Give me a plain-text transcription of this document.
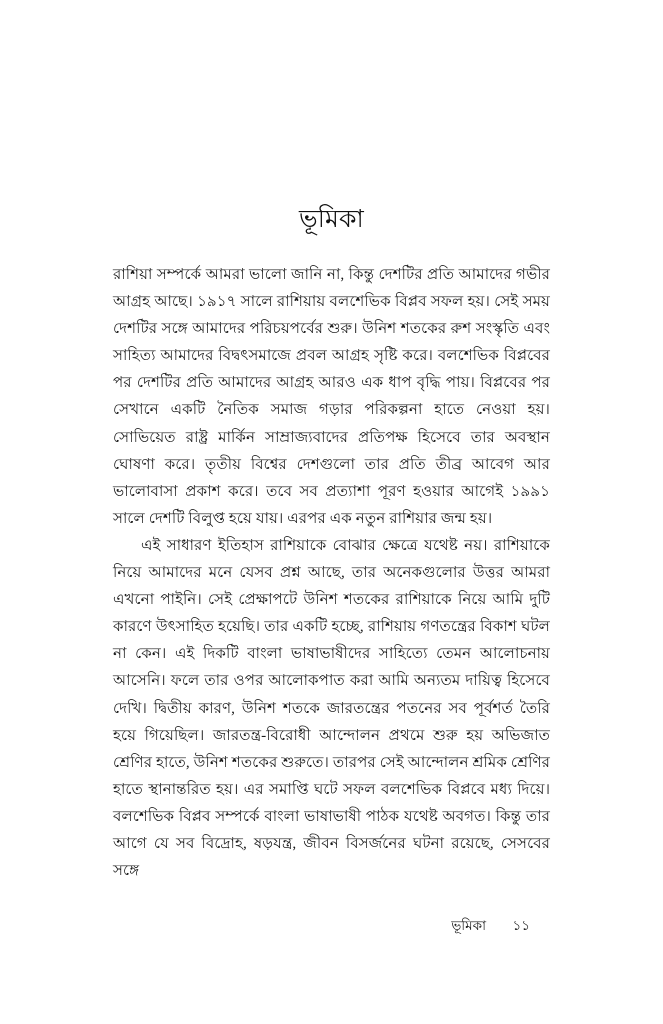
ভূমিকা

রাশিয়া সম্পর্কে আমরা ভালো জানি না, কিন্তু দেশটির প্রতি আমাদের গভীর আগ্রহ আছে। ১৯১৭ সালে রাশিয়ায় বলশেভিক বিপ্লব সফল হয়। সেই সময় দেশটির সঙ্গে আমাদের পরিচয়পর্বের শুরু। উনিশ শতকের রুশ সংস্কৃতি এবং সাহিত্য আমাদের বিদ্বৎসমাজে প্রবল আগ্রহ সৃষ্টি করে। বলশেভিক বিপ্লবের পর দেশটির প্রতি আমাদের আগ্রহ আরও এক ধাপ বৃদ্ধি পায়। বিপ্লবের পর সেখানে একটি নৈতিক সমাজ গড়ার পরিকল্পনা হাতে নেওয়া হয়। সোভিয়েত রাষ্ট্র মার্কিন সাম্রাজ্যবাদের প্রতিপক্ষ হিসেবে তার অবস্থান ঘোষণা করে। তৃতীয় বিশ্বের দেশগুলো তার প্রতি তীব্র আবেগ আর ভালোবাসা প্রকাশ করে। তবে সব প্রত্যাশা পূরণ হওয়ার আগেই ১৯৯১ সালে দেশটি বিলুপ্ত হয়ে যায়। এরপর এক নতুন রাশিয়ার জন্ম হয়।

এই সাধারণ ইতিহাস রাশিয়াকে বোঝার ক্ষেত্রে যথেষ্ট নয়। রাশিয়াকে নিয়ে আমাদের মনে যেসব প্রশ্ন আছে, তার অনেকগুলোর উত্তর আমরা এখনো পাইনি। সেই প্রেক্ষাপটে উনিশ শতকের রাশিয়াকে নিয়ে আমি দুটি কারণে উৎসাহিত হয়েছি। তার একটি হচ্ছে, রাশিয়ায় গণতন্ত্রের বিকাশ ঘটল না কেন। এই দিকটি বাংলা ভাষাভাষীদের সাহিত্যে তেমন আলোচনায় আসেনি। ফলে তার ওপর আলোকপাত করা আমি অন্যতম দায়িত্ব হিসেবে দেখি। দ্বিতীয় কারণ, উনিশ শতকে জারতন্ত্রের পতনের সব পূর্বশর্ত তৈরি হয়ে গিয়েছিল। জারতন্ত্র-বিরোধী আন্দোলন প্রথমে শুরু হয় অভিজাত শ্রেণির হাতে, উনিশ শতকের শুরুতে। তারপর সেই আন্দোলন শ্রমিক শ্রেণির হাতে স্থানান্তরিত হয়। এর সমাপ্তি ঘটে সফল বলশেভিক বিপ্লবে মধ্য দিয়ে। বলশেভিক বিপ্লব সম্পর্কে বাংলা ভাষাভাষী পাঠক যথেষ্ট অবগত। কিন্তু তার আগে যে সব বিদ্রোহ, ষড়যন্ত্র, জীবন বিসর্জনের ঘটনা রয়েছে, সেসবের সঙ্গে

ভূমিকা ১১
